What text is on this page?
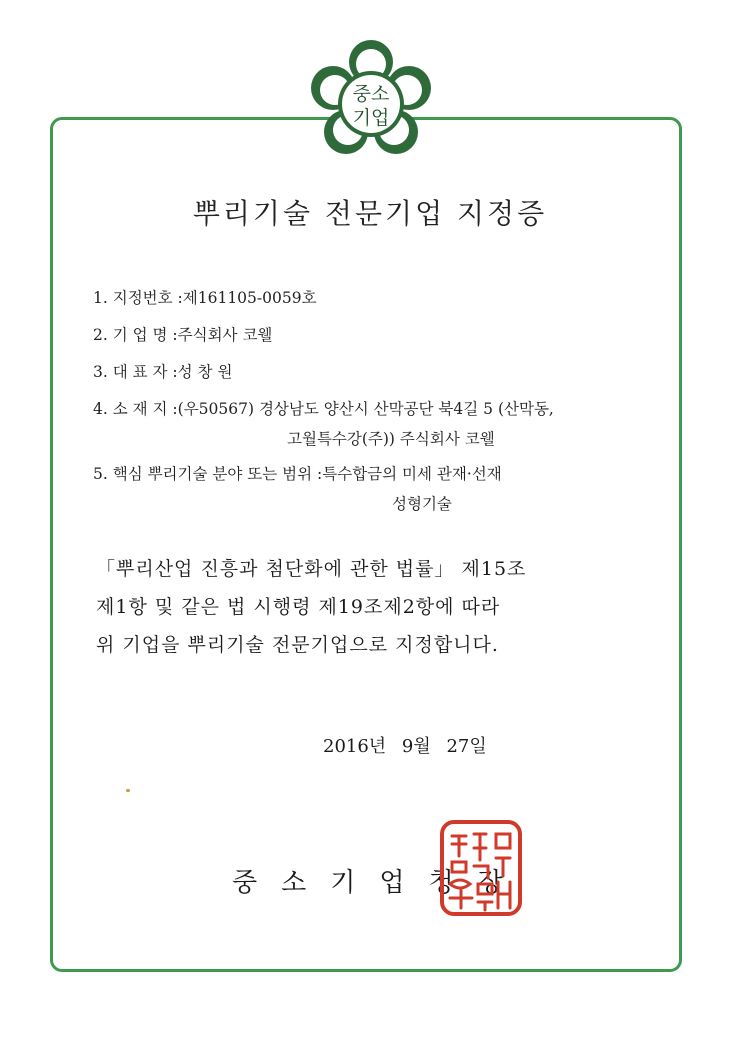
중소
기업
뿌리기술 전문기업 지정증
1. 지정번호 :제161105-0059호
2. 기 업 명 :주식회사 코웰
3. 대 표 자 :성 창 원
4. 소 재 지 :(우50567) 경상남도 양산시 산막공단 북4길 5 (산막동,
고월특수강(주)) 주식회사 코웰
5. 핵심 뿌리기술 분야 또는 범위 :특수합금의 미세 관재·선재
성형기술
「뿌리산업 진흥과 첨단화에 관한 법률」 제15조
제1항 및 같은 법 시행령 제19조제2항에 따라
위 기업을 뿌리기술 전문기업으로 지정합니다.
2016년 9월 27일
중소기업청장
